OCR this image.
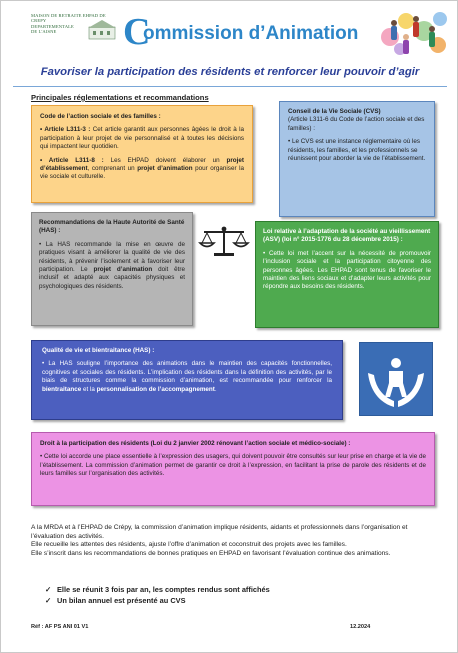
MAISON DE RETRAITE EHPAD DE CREPY
DEPARTEMENTALE
DE L'AISNE	C
ommission d’Animation
Favoriser la participation des résidents et renforcer leur pouvoir d’agir
Principales réglementations et recommandations
Code de l’action sociale et des familles :

• Article L311-3 : Cet article garantit aux personnes âgées le droit à la participation à leur projet de vie personnalisé et à toutes les décisions qui impactent leur quotidien.

• Article L311-8 : Les EHPAD doivent élaborer un projet d’établissement, comprenant un projet d’animation pour organiser la vie sociale et culturelle.

Conseil de la Vie Sociale (CVS)
(Article L311-6 du Code de l’action sociale et des familles) :

• Le CVS est une instance réglementaire où les résidents, les familles, et les professionnels se réunissent pour aborder la vie de l’établissement.

Recommandations de la Haute Autorité de Santé (HAS) :

• La HAS recommande la mise en œuvre de pratiques visant à améliorer la qualité de vie des résidents, à prévenir l’isolement et à favoriser leur participation. Le projet d’animation doit être inclusif et adapté aux capacités physiques et psychologiques des résidents.

Loi relative à l’adaptation de la société au vieillissement (ASV) (loi n° 2015-1776 du 28 décembre 2015) :

• Cette loi met l’accent sur la nécessité de promouvoir l’inclusion sociale et la participation citoyenne des personnes âgées. Les EHPAD sont tenus de favoriser le maintien des liens sociaux et d’adapter leurs activités pour répondre aux besoins des résidents.

Qualité de vie et bientraitance (HAS) :

• La HAS souligne l’importance des animations dans le maintien des capacités fonctionnelles, cognitives et sociales des résidents. L’implication des résidents dans la définition des activités, par le biais de structures comme la commission d’animation, est recommandée pour renforcer la bientraitance et la personnalisation de l’accompagnement.

Droit à la participation des résidents (Loi du 2 janvier 2002 rénovant l’action sociale et médico-sociale) :

• Cette loi accorde une place essentielle à l’expression des usagers, qui doivent pouvoir être consultés sur leur prise en charge et la vie de l’établissement. La commission d’animation permet de garantir ce droit à l’expression, en facilitant la prise de parole des résidents et de leurs familles sur l’organisation des activités.

A la MRDA et à l’EHPAD de Crépy, la commission d’animation implique résidents, aidants et professionnels dans l’organisation et l’évaluation des activités.

Elle recueille les attentes des résidents, ajuste l’offre d’animation et coconstruit des projets avec les familles.

Elle s’inscrit dans les recommandations de bonnes pratiques en EHPAD en favorisant l’évaluation continue des animations.

✓ Elle se réunit 3 fois par an, les comptes rendus sont affichés
✓ Un bilan annuel est présenté au CVS
Réf : AF PS ANI 01 V1	12.2024
